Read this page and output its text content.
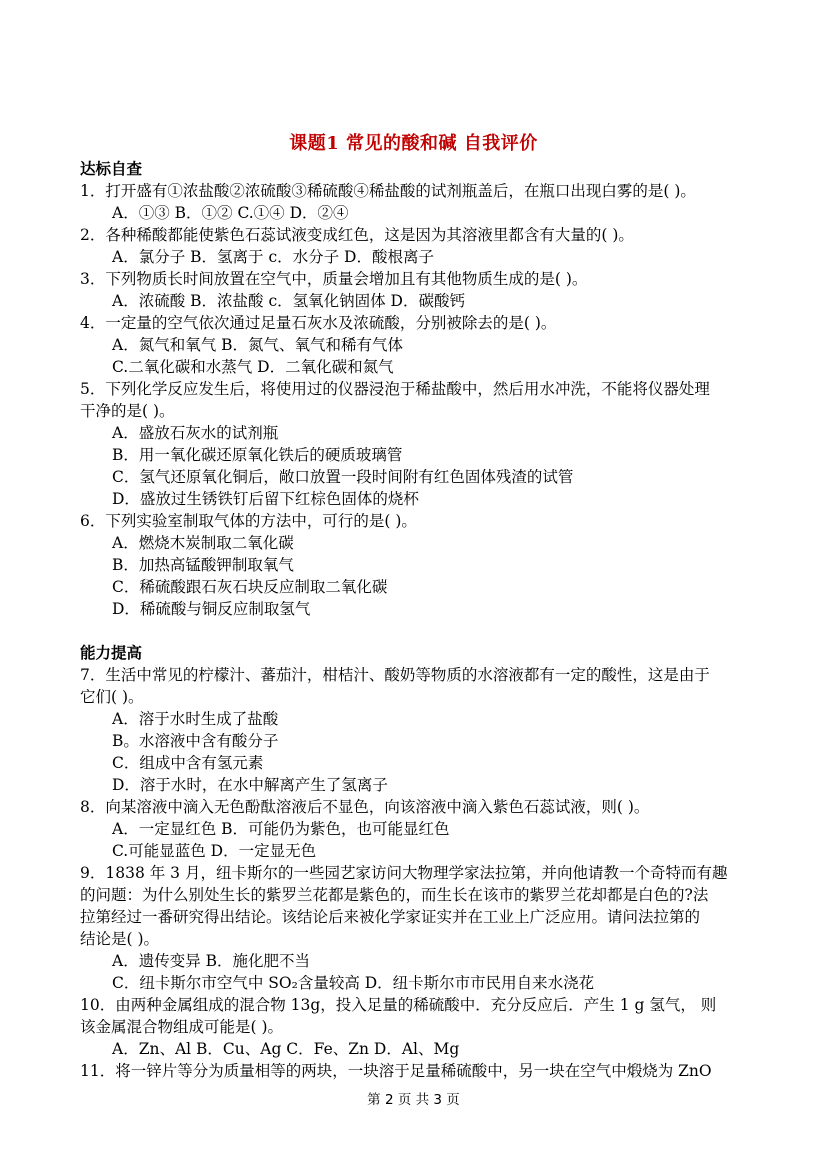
课题1 常见的酸和碱 自我评价
达标自查
1．打开盛有①浓盐酸②浓硫酸③稀硫酸④稀盐酸的试剂瓶盖后，在瓶口出现白雾的是( )。
A．①③ B．①② C.①④ D．②④
2．各种稀酸都能使紫色石蕊试液变成红色，这是因为其溶液里都含有大量的( )。
A．氯分子 B．氢离于 c．水分子 D．酸根离子
3．下列物质长时间放置在空气中，质量会增加且有其他物质生成的是( )。
A．浓硫酸 B．浓盐酸 c．氢氧化钠固体 D．碳酸钙
4．一定量的空气依次通过足量石灰水及浓硫酸，分别被除去的是( )。
A．氮气和氧气 B．氮气、氧气和稀有气体
C.二氧化碳和水蒸气 D．二氧化碳和氮气
5．下列化学反应发生后，将使用过的仪器浸泡于稀盐酸中，然后用水冲洗，不能将仪器处理
干净的是( )。
A．盛放石灰水的试剂瓶
B．用一氧化碳还原氧化铁后的硬质玻璃管
C．氢气还原氧化铜后，敞口放置一段时间附有红色固体残渣的试管
D．盛放过生锈铁钉后留下红棕色固体的烧杯
6．下列实验室制取气体的方法中，可行的是( )。
A．燃烧木炭制取二氧化碳
B．加热高锰酸钾制取氧气
C．稀硫酸跟石灰石块反应制取二氧化碳
D．稀硫酸与铜反应制取氢气
能力提高
7．生活中常见的柠檬汁、蕃茄汁，柑桔汁、酸奶等物质的水溶液都有一定的酸性，这是由于
它们( )。
A．溶于水时生成了盐酸
B。水溶液中含有酸分子
C．组成中含有氢元素
D．溶于水时，在水中解离产生了氢离子
8．向某溶液中滴入无色酚酞溶液后不显色，向该溶液中滴入紫色石蕊试液，则( )。
A．一定显红色 B．可能仍为紫色，也可能显红色
C.可能显蓝色 D．一定显无色
9．1838 年 3 月，纽卡斯尔的一些园艺家访问大物理学家法拉第，并向他请教一个奇特而有趣
的问题：为什么别处生长的紫罗兰花都是紫色的，而生长在该市的紫罗兰花却都是白色的?法
拉第经过一番研究得出结论。该结论后来被化学家证实并在工业上广泛应用。请问法拉第的
结论是( )。
A．遗传变异 B．施化肥不当
C．纽卡斯尔市空气中 SO₂含量较高 D．纽卡斯尔市市民用自来水浇花
10．由两种金属组成的混合物 13g，投入足量的稀硫酸中．充分反应后．产生 1 g 氢气， 则
该金属混合物组成可能是( )。
A．Zn、Al B．Cu、Ag C．Fe、Zn D．Al、Mg
11．将一锌片等分为质量相等的两块，一块溶于足量稀硫酸中，另一块在空气中煅烧为 ZnO
第 2 页 共 3 页
